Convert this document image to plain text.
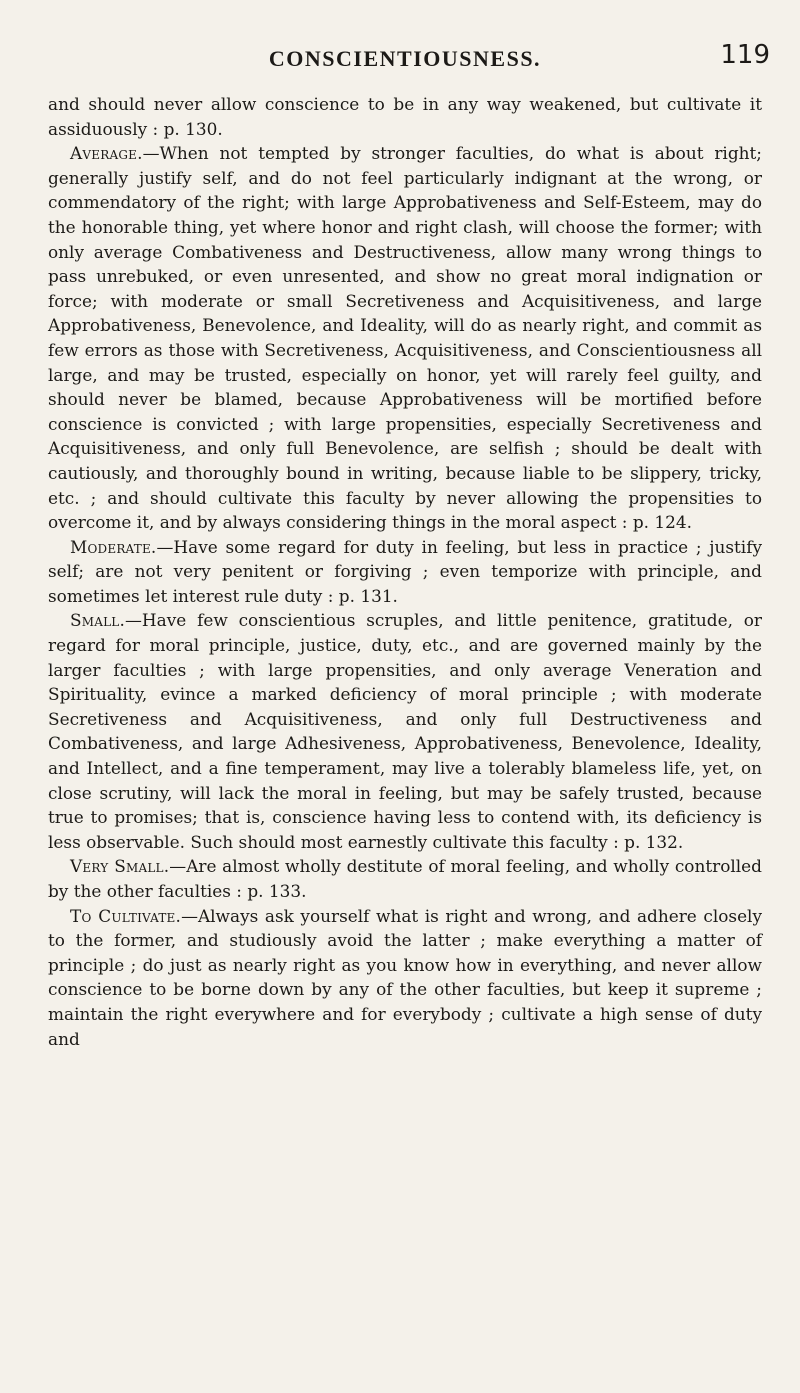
CONSCIENTIOUSNESS.	119

and should never allow conscience to be in any way weakened, but cultivate it assiduously : p. 130.

Average.—When not tempted by stronger faculties, do what is about right; generally justify self, and do not feel particularly indignant at the wrong, or commendatory of the right; with large Approbativeness and Self-Esteem, may do the honorable thing, yet where honor and right clash, will choose the former; with only average Combativeness and Destructiveness, allow many wrong things to pass unrebuked, or even unresented, and show no great moral indignation or force; with moderate or small Secretiveness and Acquisitiveness, and large Approbativeness, Benevolence, and Ideality, will do as nearly right, and commit as few errors as those with Secretiveness, Acquisitiveness, and Conscientiousness all large, and may be trusted, especially on honor, yet will rarely feel guilty, and should never be blamed, because Approbativeness will be mortified before conscience is convicted ; with large propensities, especially Secretiveness and Acquisitiveness, and only full Benevolence, are selfish ; should be dealt with cautiously, and thoroughly bound in writing, because liable to be slippery, tricky, etc. ; and should cultivate this faculty by never allowing the propensities to overcome it, and by always considering things in the moral aspect : p. 124.

Moderate.—Have some regard for duty in feeling, but less in practice ; justify self; are not very penitent or forgiving ; even temporize with principle, and sometimes let interest rule duty : p. 131.

Small.—Have few conscientious scruples, and little penitence, gratitude, or regard for moral principle, justice, duty, etc., and are governed mainly by the larger faculties ; with large propensities, and only average Veneration and Spirituality, evince a marked deficiency of moral principle ; with moderate Secretiveness and Acquisitiveness, and only full Destructiveness and Combativeness, and large Adhesiveness, Approbativeness, Benevolence, Ideality, and Intellect, and a fine temperament, may live a tolerably blameless life, yet, on close scrutiny, will lack the moral in feeling, but may be safely trusted, because true to promises; that is, conscience having less to contend with, its deficiency is less observable. Such should most earnestly cultivate this faculty : p. 132.

Very Small.—Are almost wholly destitute of moral feeling, and wholly controlled by the other faculties : p. 133.

To Cultivate.—Always ask yourself what is right and wrong, and adhere closely to the former, and studiously avoid the latter ; make everything a matter of principle ; do just as nearly right as you know how in everything, and never allow conscience to be borne down by any of the other faculties, but keep it supreme ; maintain the right everywhere and for everybody ; cultivate a high sense of duty and
